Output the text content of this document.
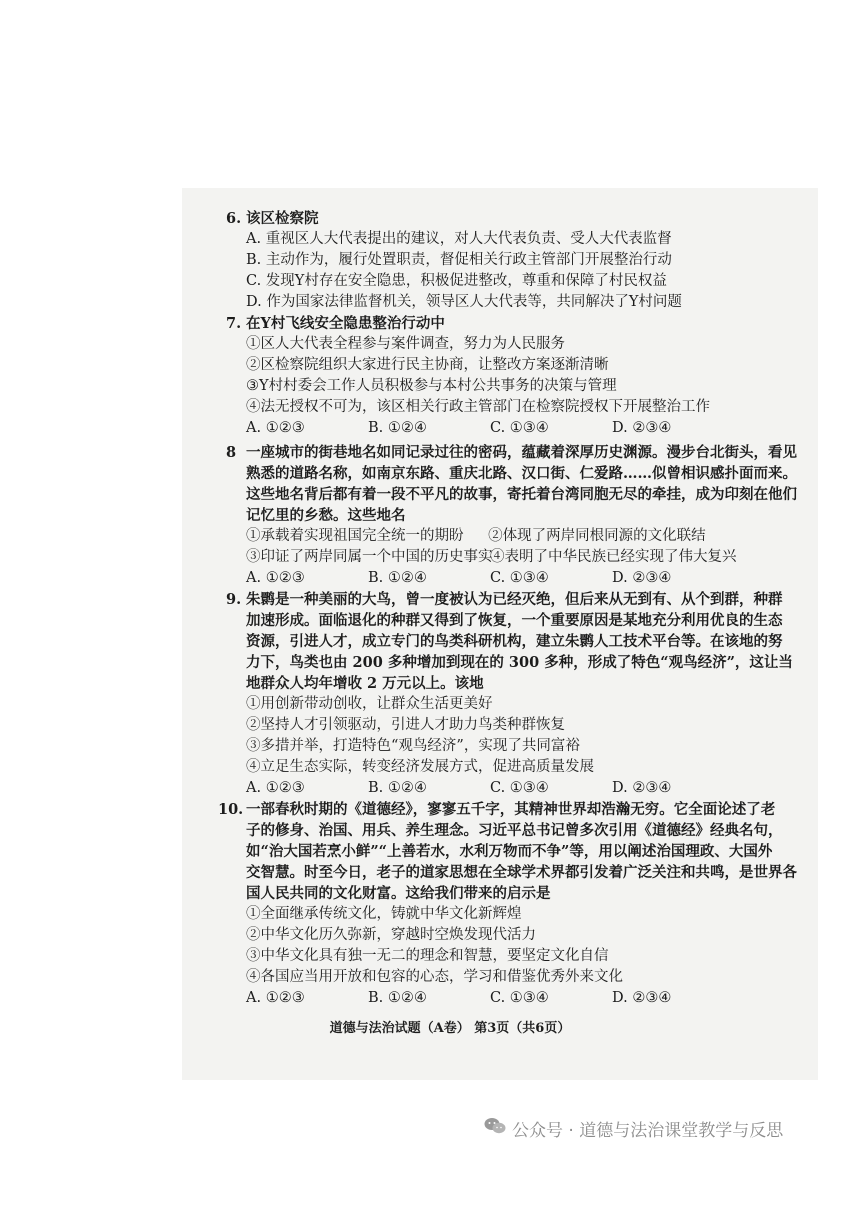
6. 该区检察院
A. 重视区人大代表提出的建议，对人大代表负责、受人大代表监督
B. 主动作为，履行处置职责，督促相关行政主管部门开展整治行动
C. 发现Y村存在安全隐患，积极促进整改，尊重和保障了村民权益
D. 作为国家法律监督机关，领导区人大代表等，共同解决了Y村问题
7. 在Y村飞线安全隐患整治行动中
①区人大代表全程参与案件调查，努力为人民服务
②区检察院组织大家进行民主协商，让整改方案逐渐清晰
③Y村村委会工作人员积极参与本村公共事务的决策与管理
④法无授权不可为，该区相关行政主管部门在检察院授权下开展整治工作
A. ①②③	B. ①②④	C. ①③④	D. ②③④
8 一座城市的街巷地名如同记录过往的密码，蕴藏着深厚历史渊源。漫步台北街头，看见
熟悉的道路名称，如南京东路、重庆北路、汉口街、仁爱路……似曾相识感扑面而来。
这些地名背后都有着一段不平凡的故事，寄托着台湾同胞无尽的牵挂，成为印刻在他们
记忆里的乡愁。这些地名
①承载着实现祖国完全统一的期盼	②体现了两岸同根同源的文化联结
③印证了两岸同属一个中国的历史事实
④表明了中华民族已经实现了伟大复兴
A. ①②③	B. ①②④	C. ①③④	D. ②③④
9. 朱鹮是一种美丽的大鸟，曾一度被认为已经灭绝，但后来从无到有、从个到群，种群
加速形成。面临退化的种群又得到了恢复，一个重要原因是某地充分利用优良的生态
资源，引进人才，成立专门的鸟类科研机构，建立朱鹮人工技术平台等。在该地的努
力下，鸟类也由 200 多种增加到现在的 300 多种，形成了特色“观鸟经济”，这让当
地群众人均年增收 2 万元以上。该地
①用创新带动创收，让群众生活更美好
②坚持人才引领驱动，引进人才助力鸟类种群恢复
③多措并举，打造特色“观鸟经济”，实现了共同富裕
④立足生态实际，转变经济发展方式，促进高质量发展
A. ①②③	B. ①②④	C. ①③④	D. ②③④
10. 一部春秋时期的《道德经》，寥寥五千字，其精神世界却浩瀚无穷。它全面论述了老
子的修身、治国、用兵、养生理念。习近平总书记曾多次引用《道德经》经典名句，
如“治大国若烹小鲜”“上善若水，水利万物而不争”等，用以阐述治国理政、大国外
交智慧。时至今日，老子的道家思想在全球学术界都引发着广泛关注和共鸣，是世界各
国人民共同的文化财富。这给我们带来的启示是
①全面继承传统文化，铸就中华文化新辉煌
②中华文化历久弥新，穿越时空焕发现代活力
③中华文化具有独一无二的理念和智慧，要坚定文化自信
④各国应当用开放和包容的心态，学习和借鉴优秀外来文化
A. ①②③	B. ①②④	C. ①③④	D. ②③④
道德与法治试题（A卷） 第3页（共6页）
公众号 · 道德与法治课堂教学与反思
